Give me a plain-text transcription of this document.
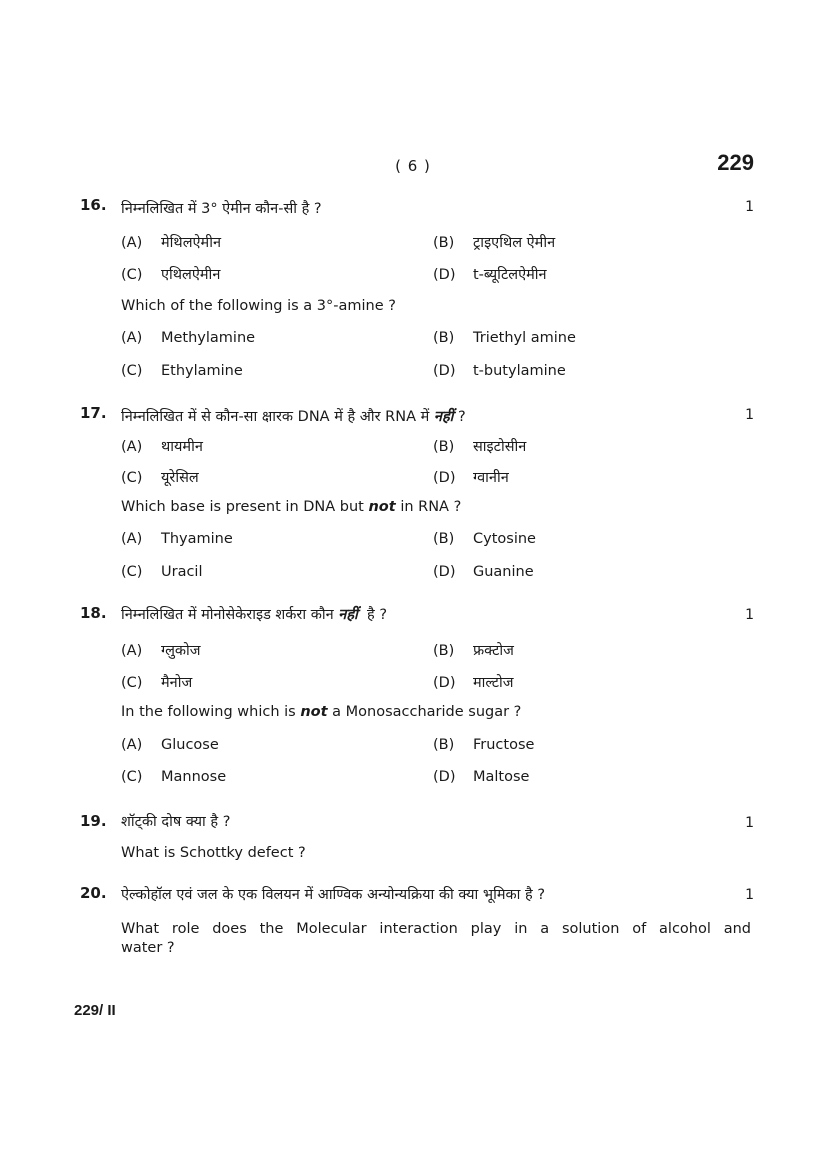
( 6 )	229
16.	1
निम्नलिखित में 3° ऐमीन कौन-सी है ?
(A) मेथिलऐमीन	(B) ट्राइएथिल ऐमीन
(C) एथिलऐमीन	(D) t-ब्यूटिलऐमीन
Which of the following is a 3°-amine ?
(A) Methylamine	(B) Triethyl amine
(C) Ethylamine	(D) t-butylamine
17.	1
निम्नलिखित में से कौन-सा क्षारक DNA में है और RNA में नहीं ?
(A) थायमीन	(B) साइटोसीन
(C) यूरेसिल	(D) ग्वानीन
Which base is present in DNA but not in RNA ?
(A) Thyamine	(B) Cytosine
(C) Uracil	(D) Guanine
18.	1
निम्नलिखित में मोनोसेकेराइड शर्करा कौन नहीं है ?
(A) ग्लुकोज	(B) फ्रक्टोज
(C) मैनोज	(D) माल्टोज
In the following which is not a Monosaccharide sugar ?
(A) Glucose	(B) Fructose
(C) Mannose	(D) Maltose
19.	1
शॉट्की दोष क्या है ?
What is Schottky defect ?
20.	1
ऐल्कोहॉल एवं जल के एक विलयन में आण्विक अन्योन्यक्रिया की क्या भूमिका है ?
What role does the Molecular interaction play in a solution of alcohol and
water ?
229/ II
